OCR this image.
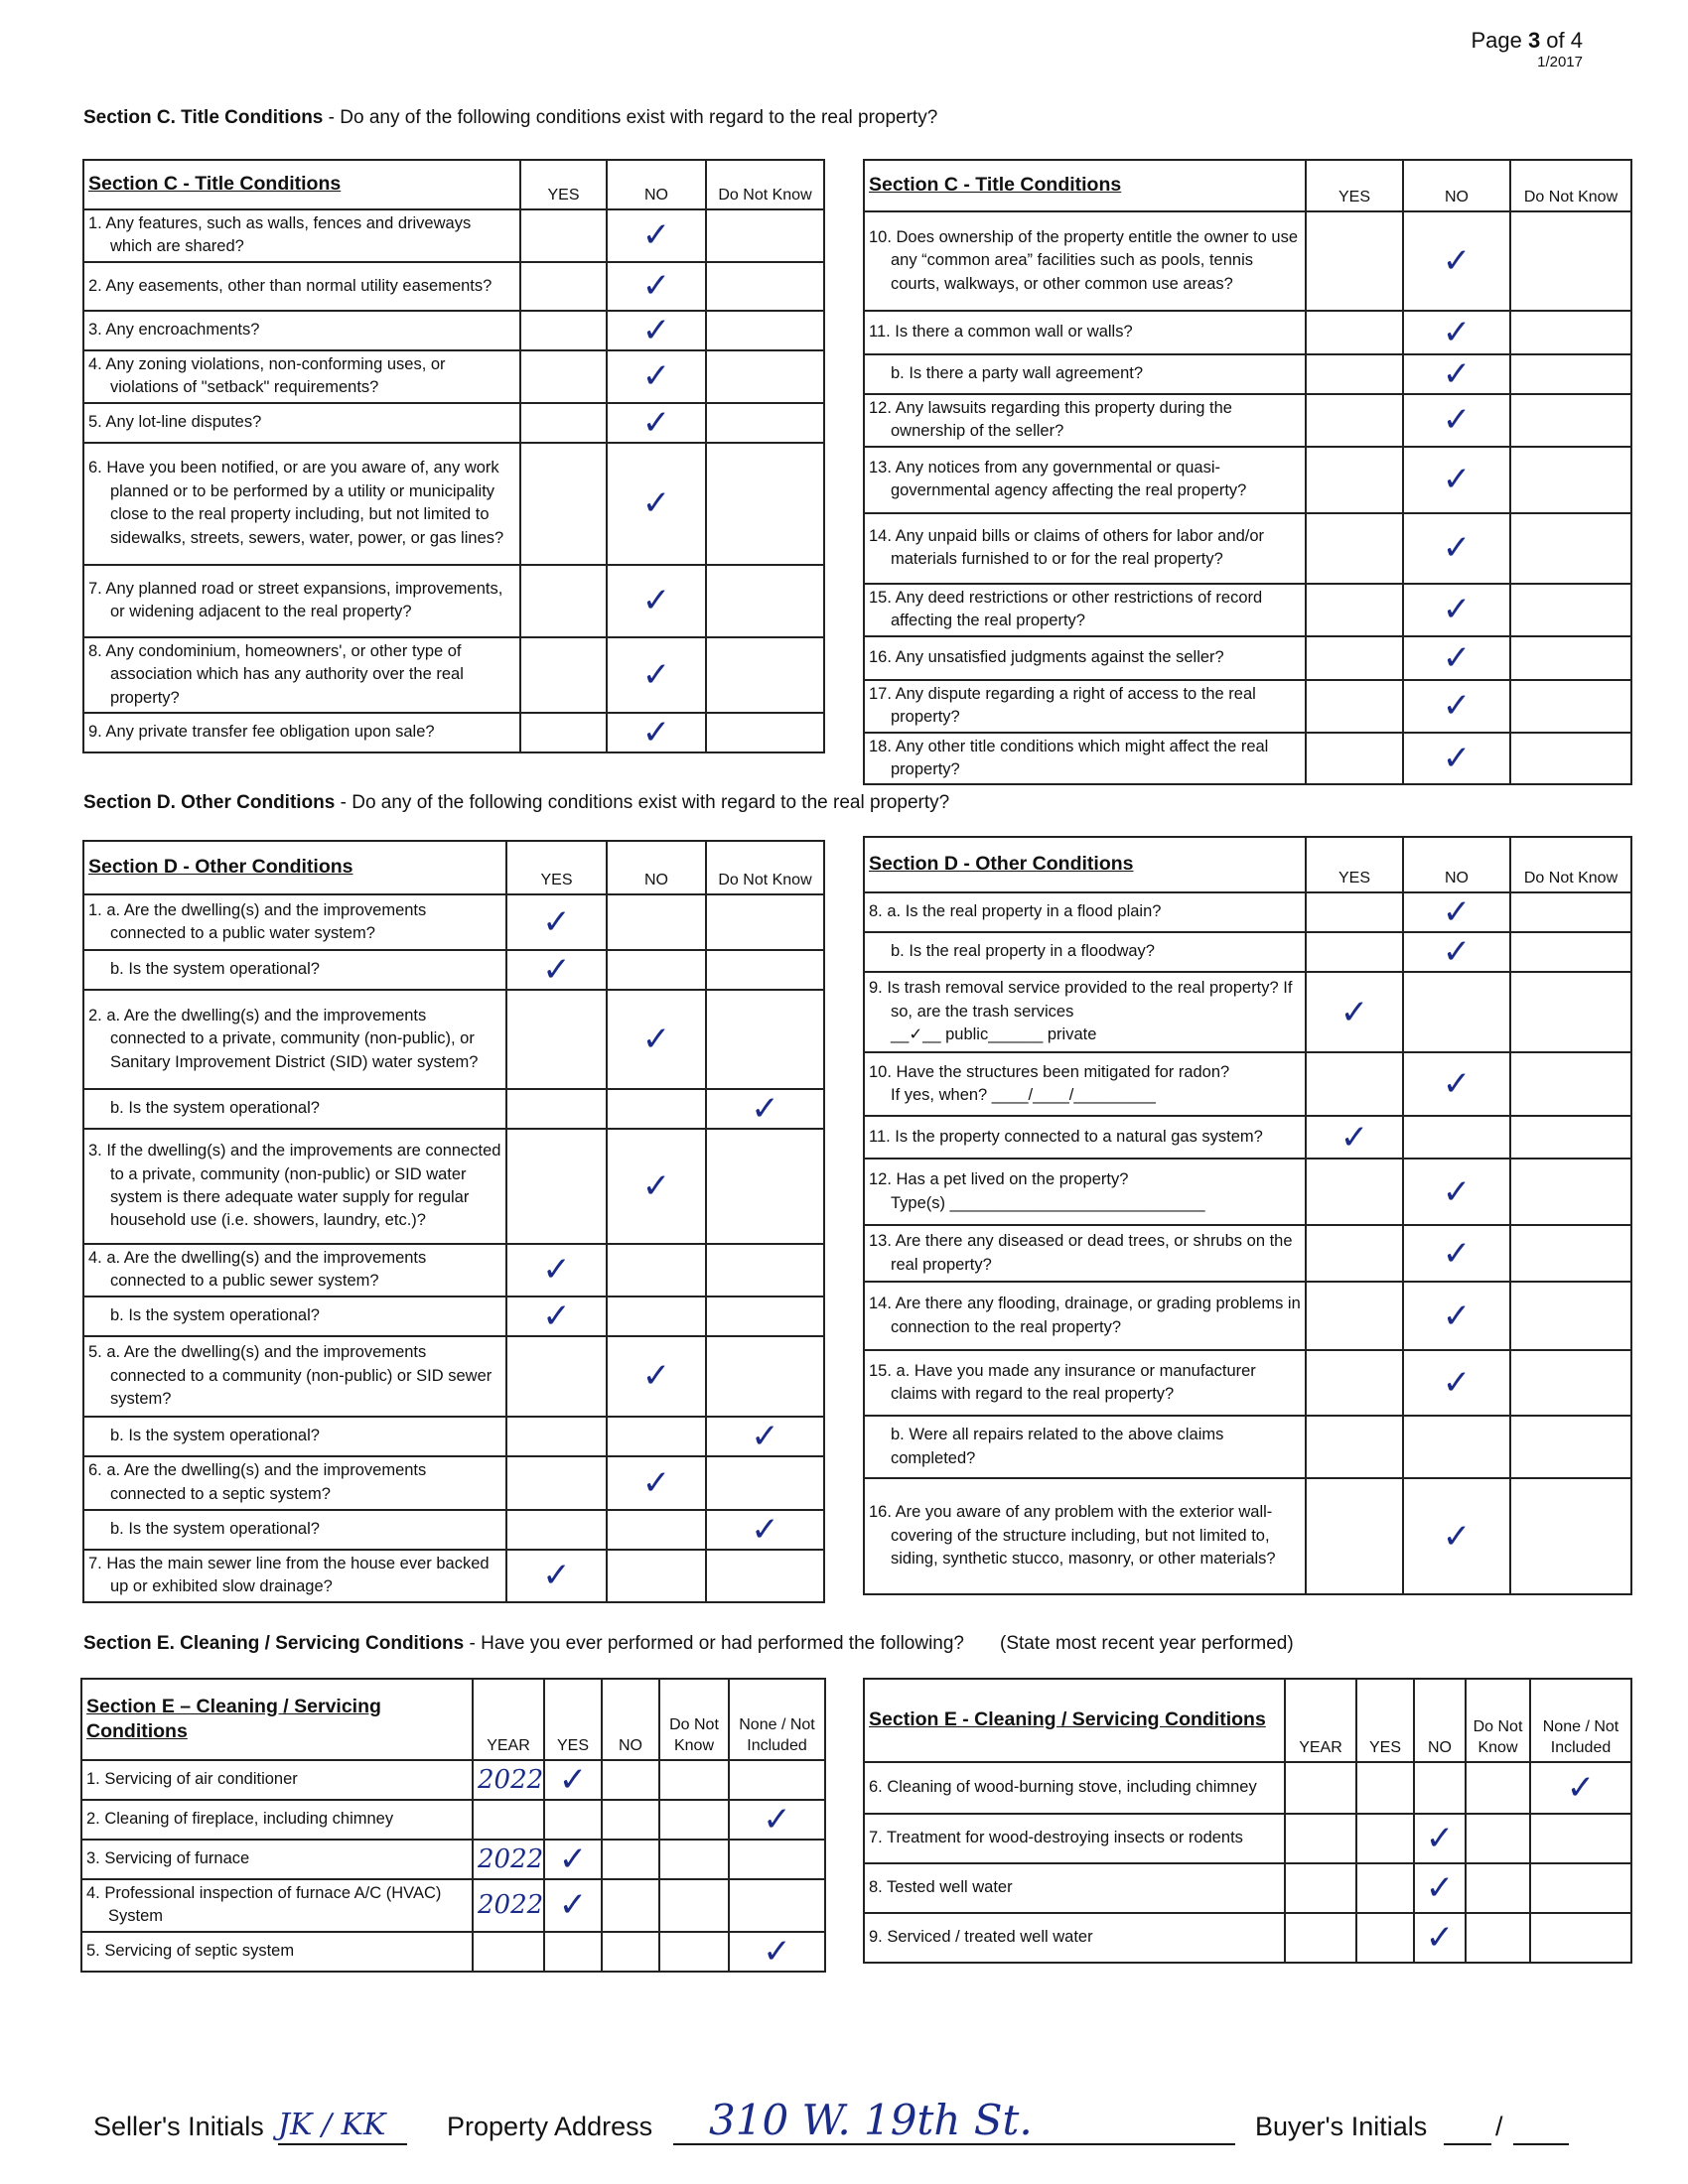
Page 3 of 4
1/2017
Section C. Title Conditions - Do any of the following conditions exist with regard to the real property?
Section C - Title Conditions	YES	NO	Do Not Know

1. Any features, such as walls, fences and driveways which are shared?		✓	

2. Any easements, other than normal utility easements?		✓	

3. Any encroachments?		✓	

4. Any zoning violations, non-conforming uses, or violations of "setback" requirements?		✓	

5. Any lot-line disputes?		✓	

6. Have you been notified, or are you aware of, any work planned or to be performed by a utility or municipality close to the real property including, but not limited to sidewalks, streets, sewers, water, power, or gas lines?		✓	

7. Any planned road or street expansions, improvements, or widening adjacent to the real property?		✓	

8. Any condominium, homeowners', or other type of association which has any authority over the real property?		✓	

9. Any private transfer fee obligation upon sale?		✓	
Section C - Title Conditions	YES	NO	Do Not Know

10. Does ownership of the property entitle the owner to use any “common area” facilities such as pools, tennis courts, walkways, or other common use areas?		✓	

11. Is there a common wall or walls?		✓	

b. Is there a party wall agreement?		✓	

12. Any lawsuits regarding this property during the ownership of the seller?		✓	

13. Any notices from any governmental or quasi-governmental agency affecting the real property?		✓	

14. Any unpaid bills or claims of others for labor and/or materials furnished to or for the real property?		✓	

15. Any deed restrictions or other restrictions of record affecting the real property?		✓	

16. Any unsatisfied judgments against the seller?		✓	

17. Any dispute regarding a right of access to the real property?		✓	

18. Any other title conditions which might affect the real property?		✓	
Section D. Other Conditions - Do any of the following conditions exist with regard to the real property?
Section D - Other Conditions	YES	NO	Do Not Know

1. a. Are the dwelling(s) and the improvements connected to a public water system?	✓		

b. Is the system operational?	✓		

2. a. Are the dwelling(s) and the improvements connected to a private, community (non-public), or Sanitary Improvement District (SID) water system?		✓	

b. Is the system operational?			✓

3. If the dwelling(s) and the improvements are connected to a private, community (non-public) or SID water system is there adequate water supply for regular household use (i.e. showers, laundry, etc.)?		✓	

4. a. Are the dwelling(s) and the improvements connected to a public sewer system?	✓		

b. Is the system operational?	✓		

5. a. Are the dwelling(s) and the improvements connected to a community (non-public) or SID sewer system?		✓	

b. Is the system operational?			✓

6. a. Are the dwelling(s) and the improvements connected to a septic system?		✓	

b. Is the system operational?			✓

7. Has the main sewer line from the house ever backed up or exhibited slow drainage?	✓		
Section D - Other Conditions	YES	NO	Do Not Know

8. a. Is the real property in a flood plain?		✓	

b. Is the real property in a floodway?		✓	

9. Is trash removal service provided to the real property? If so, are the trash services
__✓__ public______ private	✓		

10. Have the structures been mitigated for radon?
If yes, when? ____/____/_________		✓	

11. Is the property connected to a natural gas system?	✓		

12. Has a pet lived on the property?
Type(s) ____________________________		✓	

13. Are there any diseased or dead trees, or shrubs on the real property?		✓	

14. Are there any flooding, drainage, or grading problems in connection to the real property?		✓	

15. a. Have you made any insurance or manufacturer claims with regard to the real property?		✓	

b. Were all repairs related to the above claims completed?			

16. Are you aware of any problem with the exterior wall-covering of the structure including, but not limited to, siding, synthetic stucco, masonry, or other materials?		✓	
Section E. Cleaning / Servicing Conditions - Have you ever performed or had performed the following? (State most recent year performed)
Section E – Cleaning / Servicing Conditions	YEAR	YES	NO	Do Not Know	None / Not Included

1. Servicing of air conditioner	2022	✓			

2. Cleaning of fireplace, including chimney					✓

3. Servicing of furnace	2022	✓			

4. Professional inspection of furnace A/C (HVAC) System	2022	✓			

5. Servicing of septic system					✓
Section E - Cleaning / Servicing Conditions	YEAR	YES	NO	Do Not Know	None / Not Included

6. Cleaning of wood-burning stove, including chimney					✓

7. Treatment for wood-destroying insects or rodents			✓		

8. Tested well water			✓		

9. Serviced / treated well water			✓		
Seller's Initials JK / KK Property Address 310 W. 19th St.	Buyer's Initials	/
